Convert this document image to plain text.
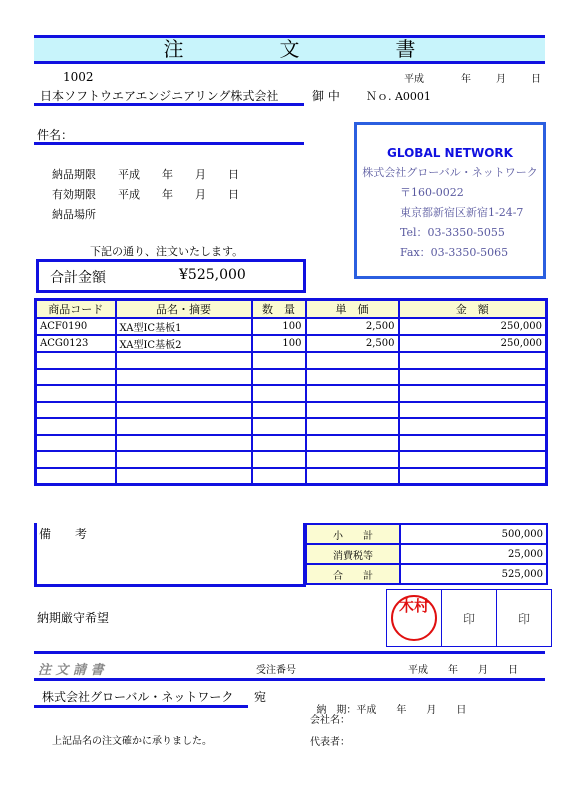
注　文　書
1002
日本ソフトウエアエンジニアリング株式会社	御 中 Ｎｏ. A0001
平成	年	月	日
件名：
納品期限 平成　　年　　月　　日
有効期限 平成　　年　　月　　日
納品場所
下記の通り、注文いたします。
GLOBAL NETWORK
株式会社グローバル・ネットワーク
〒160-0022
東京都新宿区新宿1-24-7
Tel：03-3350-5055
Fax：03-3350-5065
合計金額	¥525,000
商品コード	品名・摘要	数　量	単　価	金　額
ACF0190	XA型IC基板1	100	2,500	250,000
ACG0123	XA型IC基板2	100	2,500	250,000

備　　考	小　　計	500,000
消費税等	25,000
合　　計	525,000
納期厳守希望
木村
	印	印
注 文 請 書	受注番号	平成　　年　　月　　日
株式会社グローバル・ネットワーク 宛

納　期：平成　　年　　月　　日

会社名：
代表者：
上記品名の注文確かに承りました。
